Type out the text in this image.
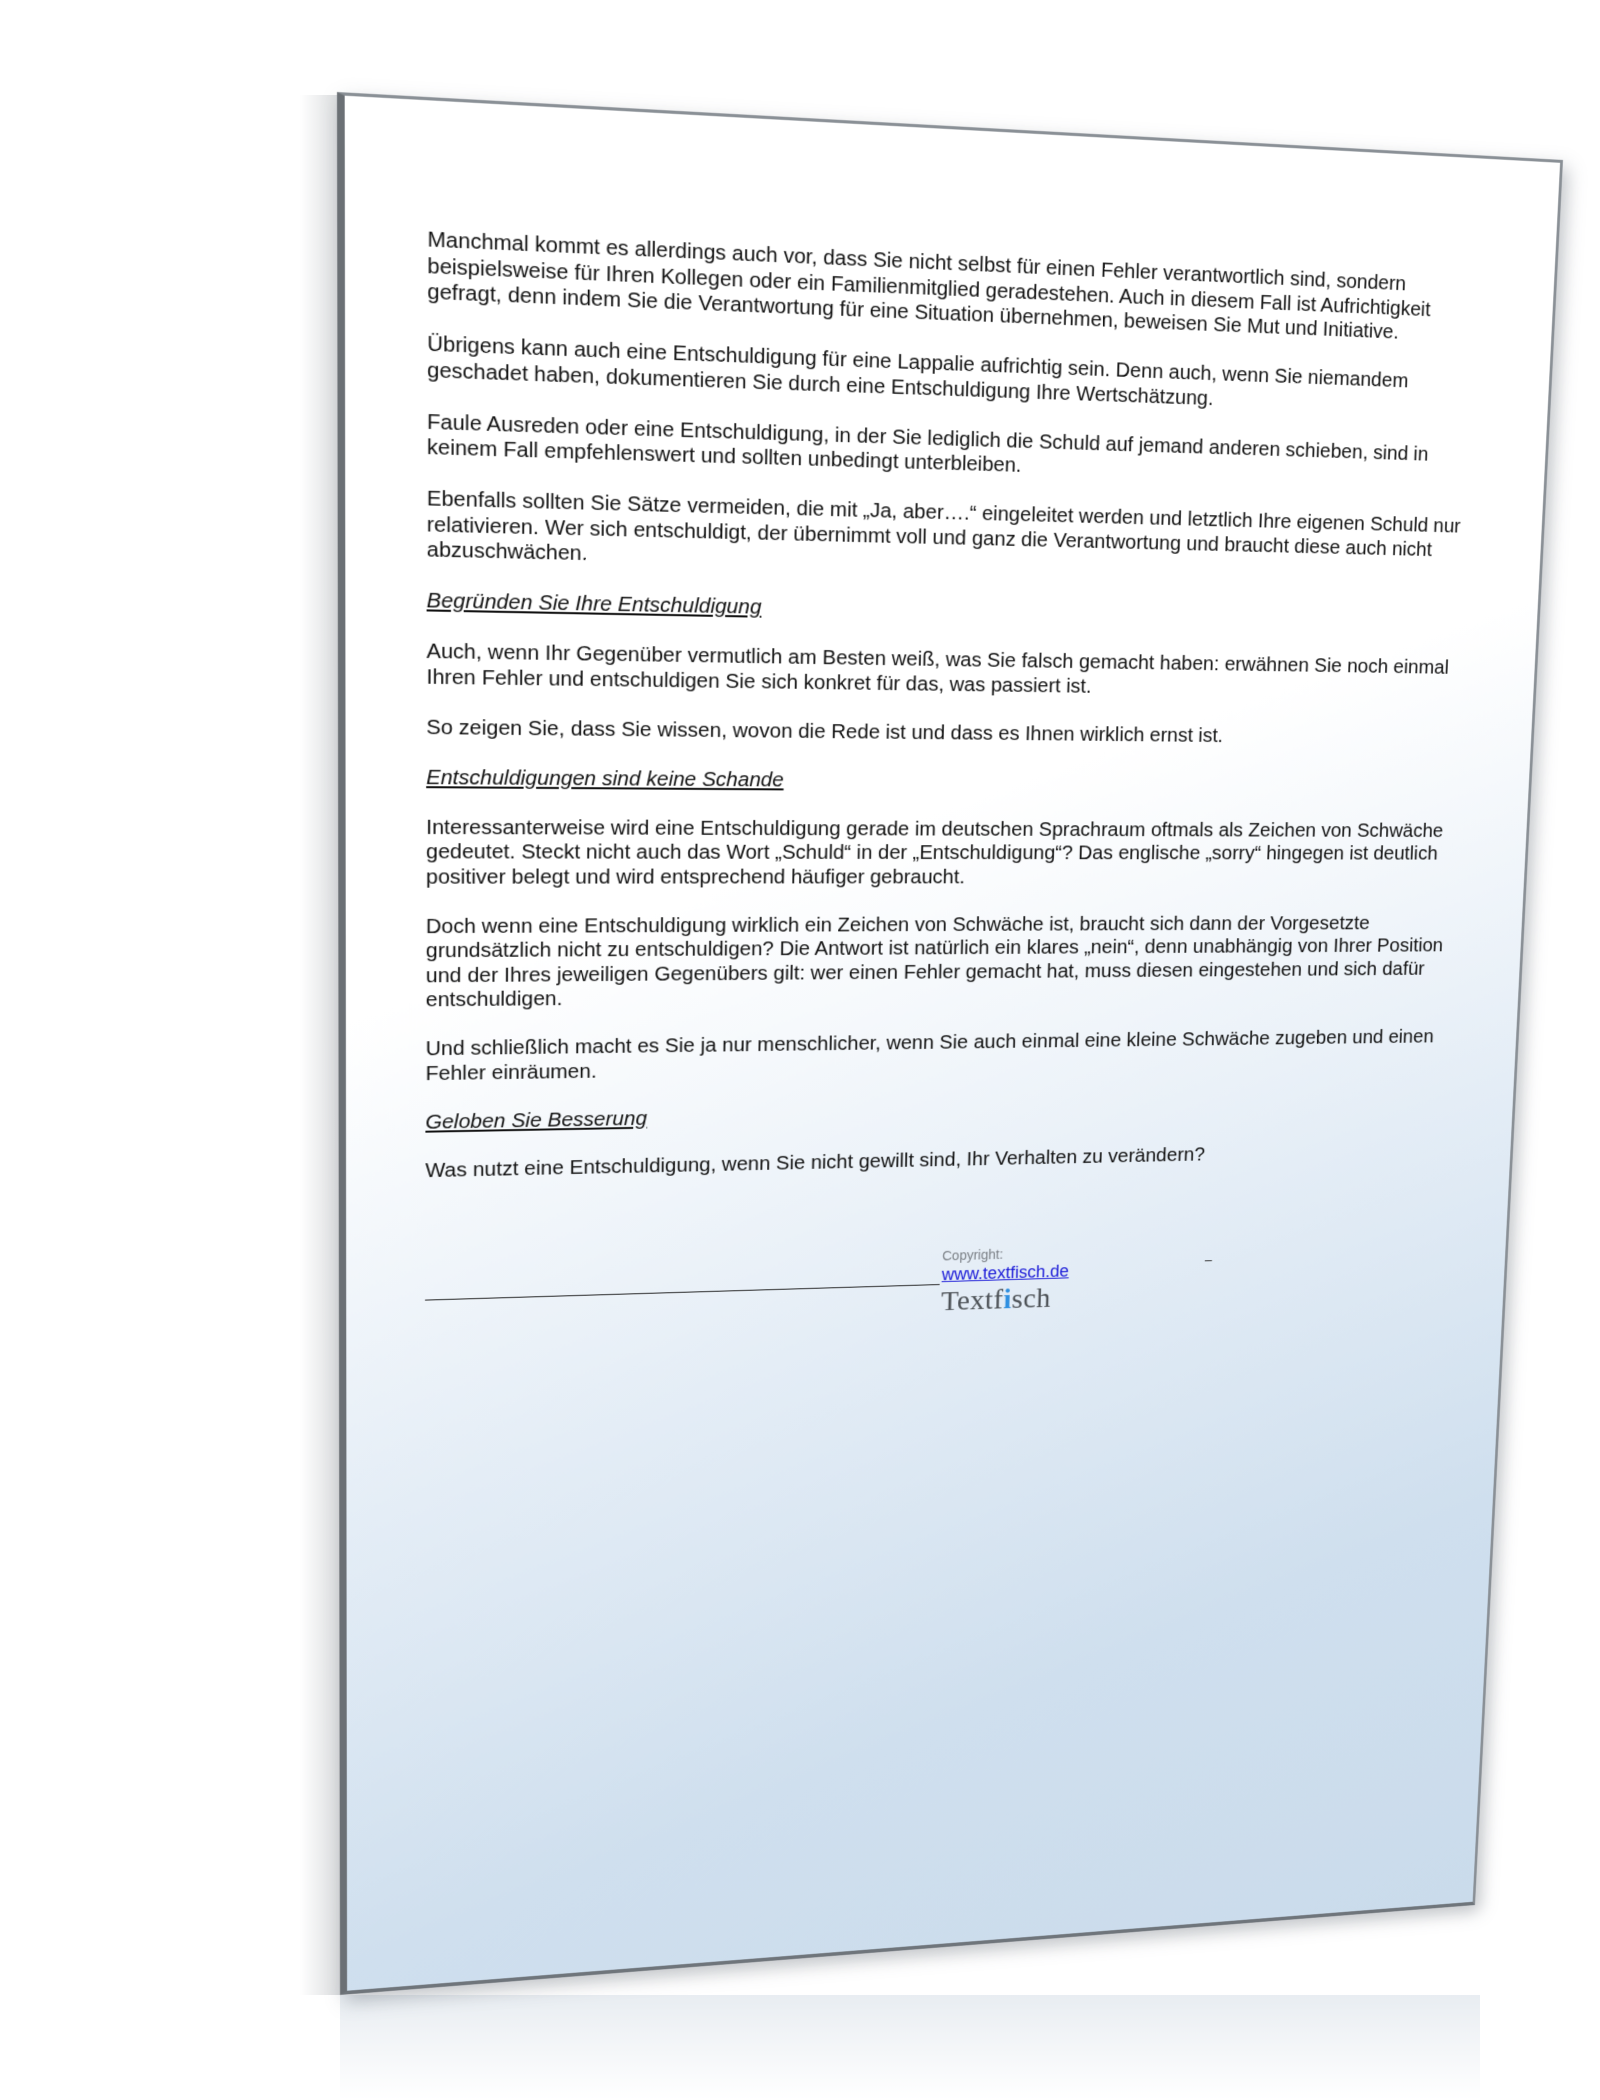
Manchmal kommt es allerdings auch vor, dass Sie nicht selbst für einen Fehler verantwortlich sind, sondern beispielsweise für Ihren Kollegen oder ein Familienmitglied geradestehen. Auch in diesem Fall ist Aufrichtigkeit gefragt, denn indem Sie die Verantwortung für eine Situation übernehmen, beweisen Sie Mut und Initiative.

Übrigens kann auch eine Entschuldigung für eine Lappalie aufrichtig sein. Denn auch, wenn Sie niemandem geschadet haben, dokumentieren Sie durch eine Entschuldigung Ihre Wertschätzung.

Faule Ausreden oder eine Entschuldigung, in der Sie lediglich die Schuld auf jemand anderen schieben, sind in keinem Fall empfehlenswert und sollten unbedingt unterbleiben.

Ebenfalls sollten Sie Sätze vermeiden, die mit „Ja, aber….“ eingeleitet werden und letztlich Ihre eigenen Schuld nur relativieren. Wer sich entschuldigt, der übernimmt voll und ganz die Verantwortung und braucht diese auch nicht abzuschwächen.

Begründen Sie Ihre Entschuldigung

Auch, wenn Ihr Gegenüber vermutlich am Besten weiß, was Sie falsch gemacht haben: erwähnen Sie noch einmal Ihren Fehler und entschuldigen Sie sich konkret für das, was passiert ist.

So zeigen Sie, dass Sie wissen, wovon die Rede ist und dass es Ihnen wirklich ernst ist.

Entschuldigungen sind keine Schande

Interessanterweise wird eine Entschuldigung gerade im deutschen Sprachraum oftmals als Zeichen von Schwäche gedeutet. Steckt nicht auch das Wort „Schuld“ in der „Entschuldigung“? Das englische „sorry“ hingegen ist deutlich positiver belegt und wird entsprechend häufiger gebraucht.

Doch wenn eine Entschuldigung wirklich ein Zeichen von Schwäche ist, braucht sich dann der Vorgesetzte grundsätzlich nicht zu entschuldigen? Die Antwort ist natürlich ein klares „nein“, denn unabhängig von Ihrer Position und der Ihres jeweiligen Gegenübers gilt: wer einen Fehler gemacht hat, muss diesen eingestehen und sich dafür entschuldigen.

Und schließlich macht es Sie ja nur menschlicher, wenn Sie auch einmal eine kleine Schwäche zugeben und einen Fehler einräumen.

Geloben Sie Besserung

Was nutzt eine Entschuldigung, wenn Sie nicht gewillt sind, Ihr Verhalten zu verändern?

Copyright:
www.textfisch.de
Textfisch
–
